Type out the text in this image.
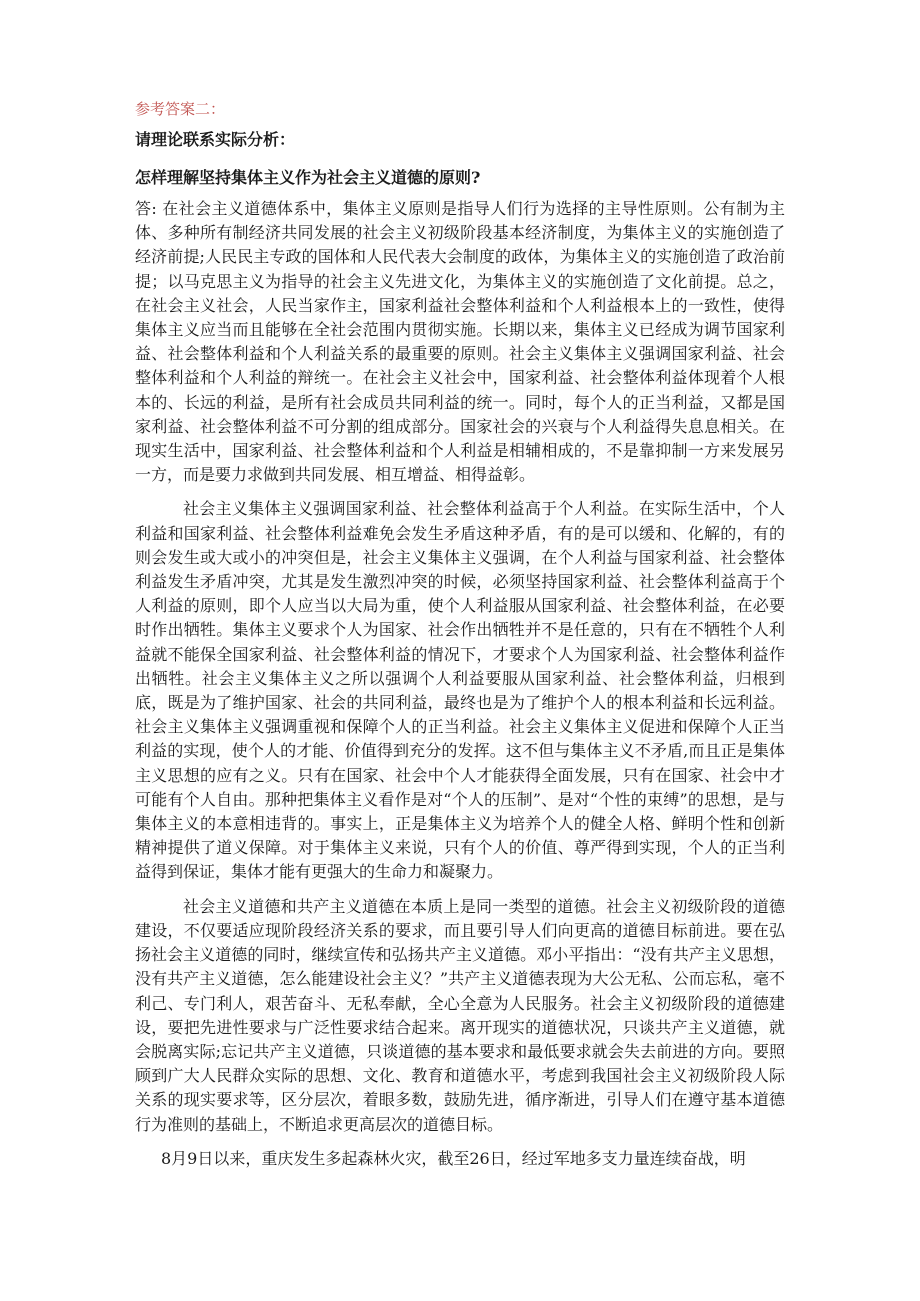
参考答案二：

请理论联系实际分析：

怎样理解坚持集体主义作为社会主义道德的原则?

答: 在社会主义道德体系中，集体主义原则是指导人们行为选择的主导性原则。公有制为主体、多种所有制经济共同发展的社会主义初级阶段基本经济制度，为集体主义的实施创造了经济前提;人民民主专政的国体和人民代表大会制度的政体，为集体主义的实施创造了政治前提；以马克思主义为指导的社会主义先进文化，为集体主义的实施创造了文化前提。总之，在社会主义社会，人民当家作主，国家利益社会整体利益和个人利益根本上的一致性，使得集体主义应当而且能够在全社会范围内贯彻实施。长期以来，集体主义已经成为调节国家利益、社会整体利益和个人利益关系的最重要的原则。社会主义集体主义强调国家利益、社会整体利益和个人利益的辩统一。在社会主义社会中，国家利益、社会整体利益体现着个人根本的、长远的利益，是所有社会成员共同利益的统一。同时，每个人的正当利益，又都是国家利益、社会整体利益不可分割的组成部分。国家社会的兴衰与个人利益得失息息相关。在现实生活中，国家利益、社会整体利益和个人利益是相辅相成的，不是靠抑制一方来发展另一方，而是要力求做到共同发展、相互增益、相得益彰。

社会主义集体主义强调国家利益、社会整体利益高于个人利益。在实际生活中，个人利益和国家利益、社会整体利益难免会发生矛盾这种矛盾，有的是可以缓和、化解的，有的则会发生或大或小的冲突但是，社会主义集体主义强调，在个人利益与国家利益、社会整体利益发生矛盾冲突，尤其是发生激烈冲突的时候，必须坚持国家利益、社会整体利益高于个人利益的原则，即个人应当以大局为重，使个人利益服从国家利益、社会整体利益，在必要时作出牺牲。集体主义要求个人为国家、社会作出牺牲并不是任意的，只有在不牺牲个人利益就不能保全国家利益、社会整体利益的情况下，才要求个人为国家利益、社会整体利益作出牺牲。社会主义集体主义之所以强调个人利益要服从国家利益、社会整体利益，归根到底，既是为了维护国家、社会的共同利益，最终也是为了维护个人的根本利益和长远利益。社会主义集体主义强调重视和保障个人的正当利益。社会主义集体主义促进和保障个人正当利益的实现，使个人的才能、价值得到充分的发挥。这不但与集体主义不矛盾,而且正是集体主义思想的应有之义。只有在国家、社会中个人才能获得全面发展，只有在国家、社会中才可能有个人自由。那种把集体主义看作是对“个人的压制”、是对“个性的束缚”的思想，是与集体主义的本意相违背的。事实上，正是集体主义为培养个人的健全人格、鲜明个性和创新精神提供了道义保障。对于集体主义来说，只有个人的价值、尊严得到实现，个人的正当利益得到保证，集体才能有更强大的生命力和凝聚力。

社会主义道德和共产主义道德在本质上是同一类型的道德。社会主义初级阶段的道德建设，不仅要适应现阶段经济关系的要求，而且要引导人们向更高的道德目标前进。要在弘扬社会主义道德的同时，继续宣传和弘扬共产主义道德。邓小平指出：“没有共产主义思想，没有共产主义道德，怎么能建设社会主义？”共产主义道德表现为大公无私、公而忘私，毫不利己、专门利人，艰苦奋斗、无私奉献，全心全意为人民服务。社会主义初级阶段的道德建设，要把先进性要求与广泛性要求结合起来。离开现实的道德状况，只谈共产主义道德，就会脱离实际;忘记共产主义道德，只谈道德的基本要求和最低要求就会失去前进的方向。要照顾到广大人民群众实际的思想、文化、教育和道德水平，考虑到我国社会主义初级阶段人际关系的现实要求等，区分层次，着眼多数，鼓励先进，循序渐进，引导人们在遵守基本道德行为准则的基础上，不断追求更高层次的道德目标。

8月9日以来，重庆发生多起森林火灾，截至26日，经过军地多支力量连续奋战，明
